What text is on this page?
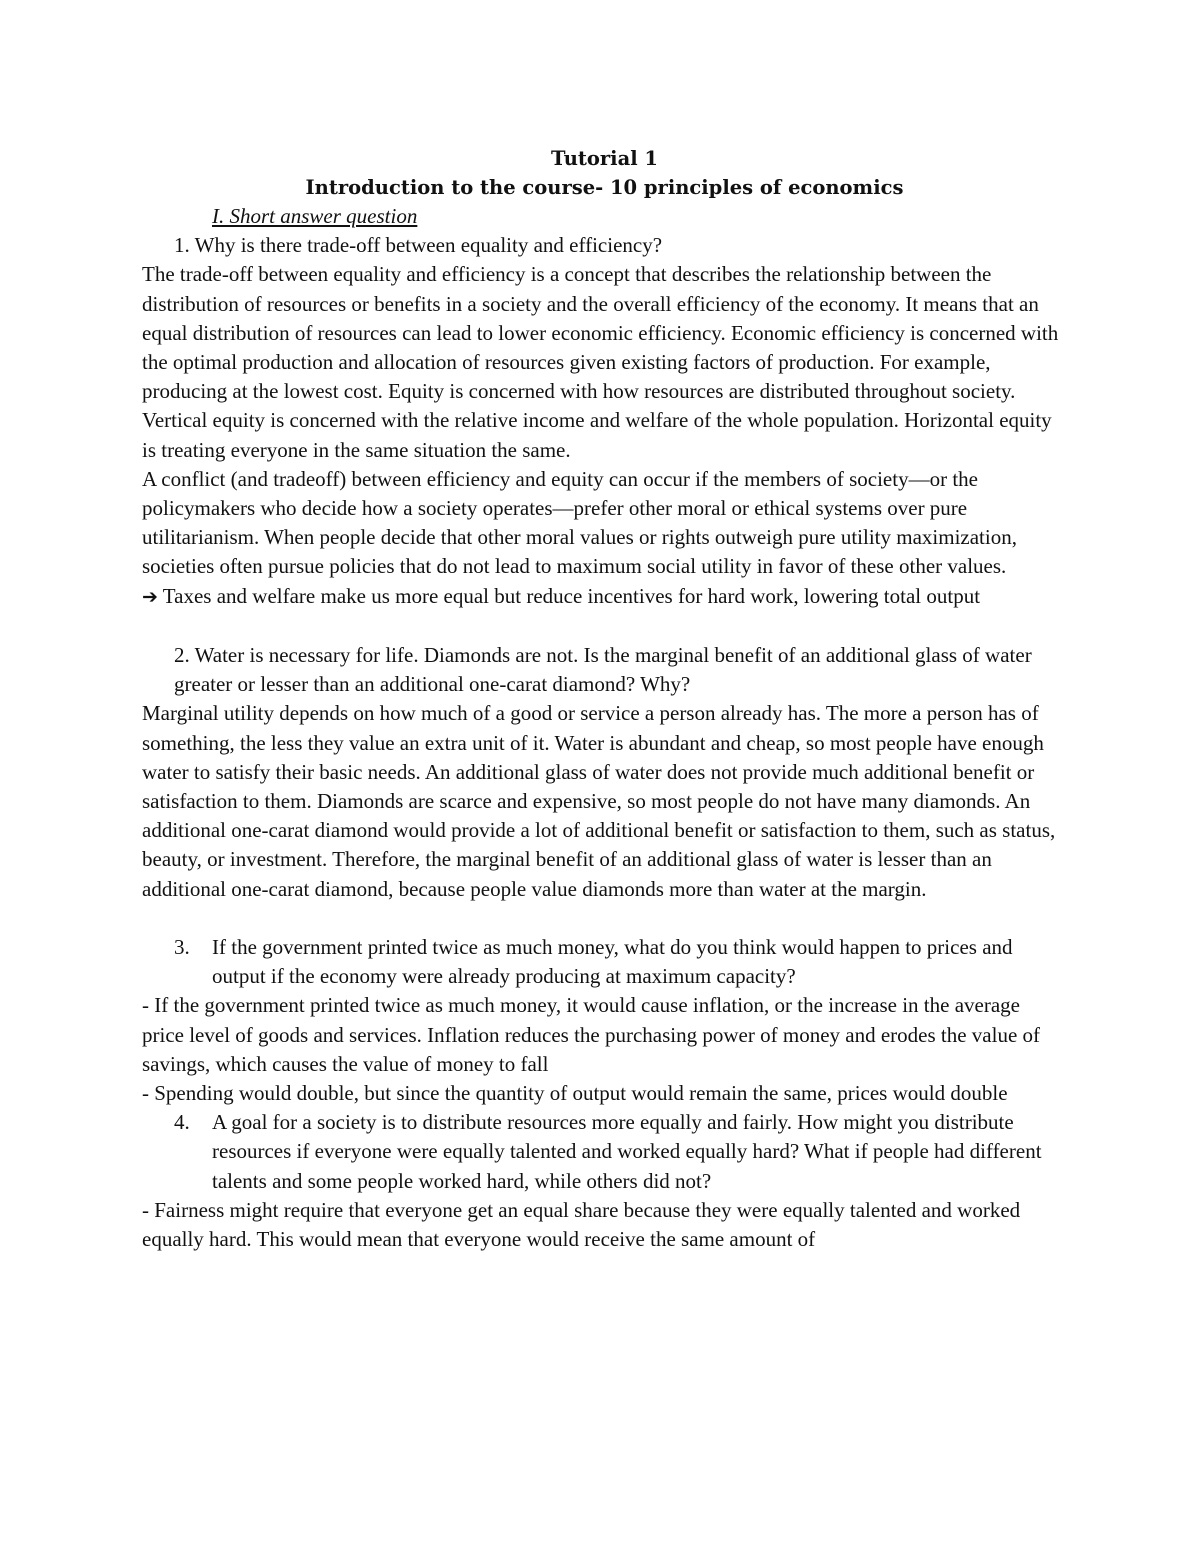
Tutorial 1
Introduction to the course- 10 principles of economics
I. Short answer question
1. Why is there trade-off between equality and efficiency?

The trade-off between equality and efficiency is a concept that describes the relationship between the distribution of resources or benefits in a society and the overall efficiency of the economy. It means that an equal distribution of resources can lead to lower economic efficiency. Economic efficiency is concerned with the optimal production and allocation of resources given existing factors of production. For example, producing at the lowest cost. Equity is concerned with how resources are distributed throughout society. Vertical equity is concerned with the relative income and welfare of the whole population. Horizontal equity is treating everyone in the same situation the same.

A conflict (and tradeoff) between efficiency and equity can occur if the members of society—or the policymakers who decide how a society operates—prefer other moral or ethical systems over pure utilitarianism. When people decide that other moral values or rights outweigh pure utility maximization, societies often pursue policies that do not lead to maximum social utility in favor of these other values.

➔ Taxes and welfare make us more equal but reduce incentives for hard work, lowering total output

2. Water is necessary for life. Diamonds are not. Is the marginal benefit of an additional glass of water greater or lesser than an additional one-carat diamond? Why?

Marginal utility depends on how much of a good or service a person already has. The more a person has of something, the less they value an extra unit of it. Water is abundant and cheap, so most people have enough water to satisfy their basic needs. An additional glass of water does not provide much additional benefit or satisfaction to them. Diamonds are scarce and expensive, so most people do not have many diamonds. An additional one-carat diamond would provide a lot of additional benefit or satisfaction to them, such as status, beauty, or investment. Therefore, the marginal benefit of an additional glass of water is lesser than an additional one-carat diamond, because people value diamonds more than water at the margin.

3. If the government printed twice as much money, what do you think would happen to prices and output if the economy were already producing at maximum capacity?

- If the government printed twice as much money, it would cause inflation, or the increase in the average price level of goods and services. Inflation reduces the purchasing power of money and erodes the value of savings, which causes the value of money to fall

- Spending would double, but since the quantity of output would remain the same, prices would double

4. A goal for a society is to distribute resources more equally and fairly. How might you distribute resources if everyone were equally talented and worked equally hard? What if people had different talents and some people worked hard, while others did not?

- Fairness might require that everyone get an equal share because they were equally talented and worked equally hard. This would mean that everyone would receive the same amount of
